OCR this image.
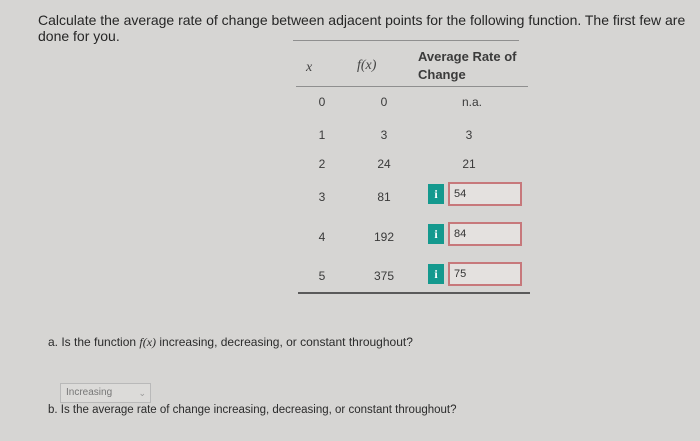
Calculate the average rate of change between adjacent points for the following function. The first few are done for you.
x	f(x)
Average Rate of
Change
0	0	n.a.
1	3	3
2	24	21
3	81	i	54
4	192	i	84
5	375	i	75
a. Is the function f(x) increasing, decreasing, or constant throughout?
Increasing	⌄
b. Is the average rate of change increasing, decreasing, or constant throughout?
